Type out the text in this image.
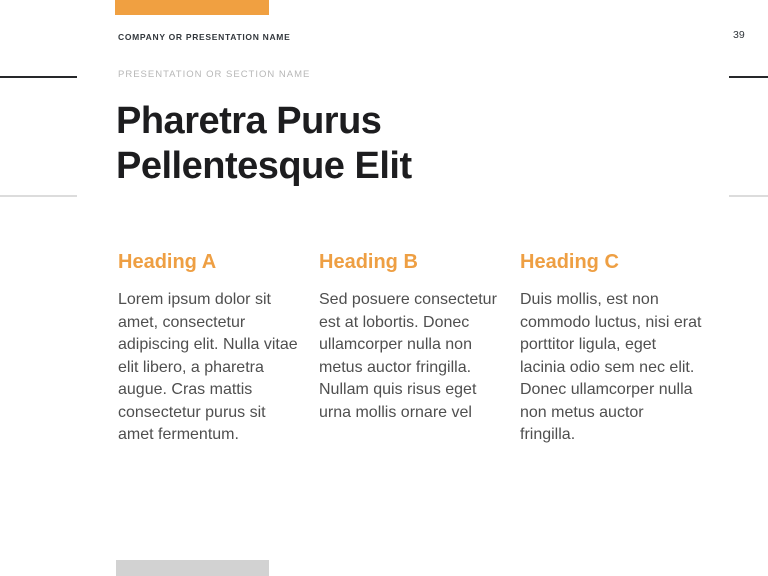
COMPANY OR PRESENTATION NAME	39
PRESENTATION OR SECTION NAME
Pharetra Purus
Pellentesque Elit
Heading A

Lorem ipsum dolor sit amet, consectetur adipiscing elit. Nulla vitae elit libero, a pharetra augue. Cras mattis consectetur purus sit amet fermentum.

Heading B

Sed posuere consectetur est at lobortis. Donec ullamcorper nulla non metus auctor fringilla. Nullam quis risus eget urna mollis ornare vel

Heading C

Duis mollis, est non commodo luctus, nisi erat porttitor ligula, eget lacinia odio sem nec elit. Donec ullamcorper nulla non metus auctor fringilla.
